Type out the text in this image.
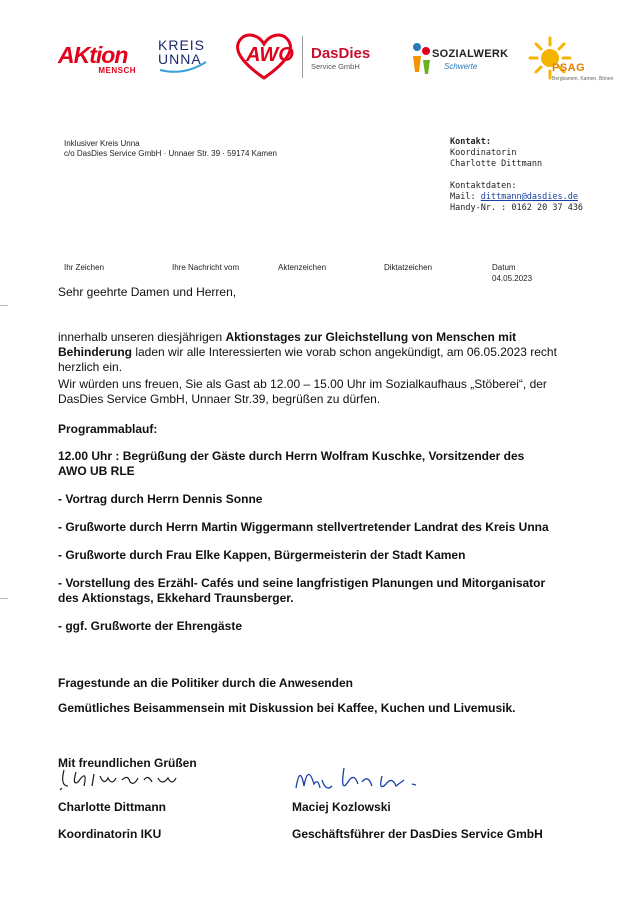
AKtion
MENSCH
KREIS
UNNA	AWO DasDies
Service GmbH
SOZIALWERK
Schwerte	PSAG
Bergkamen, Kamen, Bönen
Inklusiver Kreis Unna
c/o DasDies Service GmbH · Unnaer Str. 39 · 59174 Kamen
Kontakt:
Koordinatorin
Charlotte Dittmann
Kontaktdaten:
Mail: dittmann@dasdies.de
Handy-Nr. : 0162 20 37 436
Ihr Zeichen	Ihre Nachricht vom	Aktenzeichen	Diktatzeichen	Datum
04.05.2023
Sehr geehrte Damen und Herren,
innerhalb unseren diesjährigen Aktionstages zur Gleichstellung von Menschen mit Behinderung laden wir alle Interessierten wie vorab schon angekündigt, am 06.05.2023 recht herzlich ein.
Wir würden uns freuen, Sie als Gast ab 12.00 – 15.00 Uhr im Sozialkaufhaus „Stöberei“, der DasDies Service GmbH, Unnaer Str.39, begrüßen zu dürfen.
Programmablauf:
12.00 Uhr : Begrüßung der Gäste durch Herrn Wolfram Kuschke, Vorsitzender des AWO UB RLE
- Vortrag durch Herrn Dennis Sonne
- Grußworte durch Herrn Martin Wiggermann stellvertretender Landrat des Kreis Unna
- Grußworte durch Frau Elke Kappen, Bürgermeisterin der Stadt Kamen
- Vorstellung des Erzähl- Cafés und seine langfristigen Planungen und Mitorganisator des Aktionstags, Ekkehard Traunsberger.
- ggf. Grußworte der Ehrengäste
Fragestunde an die Politiker durch die Anwesenden
Gemütliches Beisammensein mit Diskussion bei Kaffee, Kuchen und Livemusik.
Mit freundlichen Grüßen
Charlotte Dittmann
Koordinatorin IKU
Maciej Kozlowski
Geschäftsführer der DasDies Service GmbH
